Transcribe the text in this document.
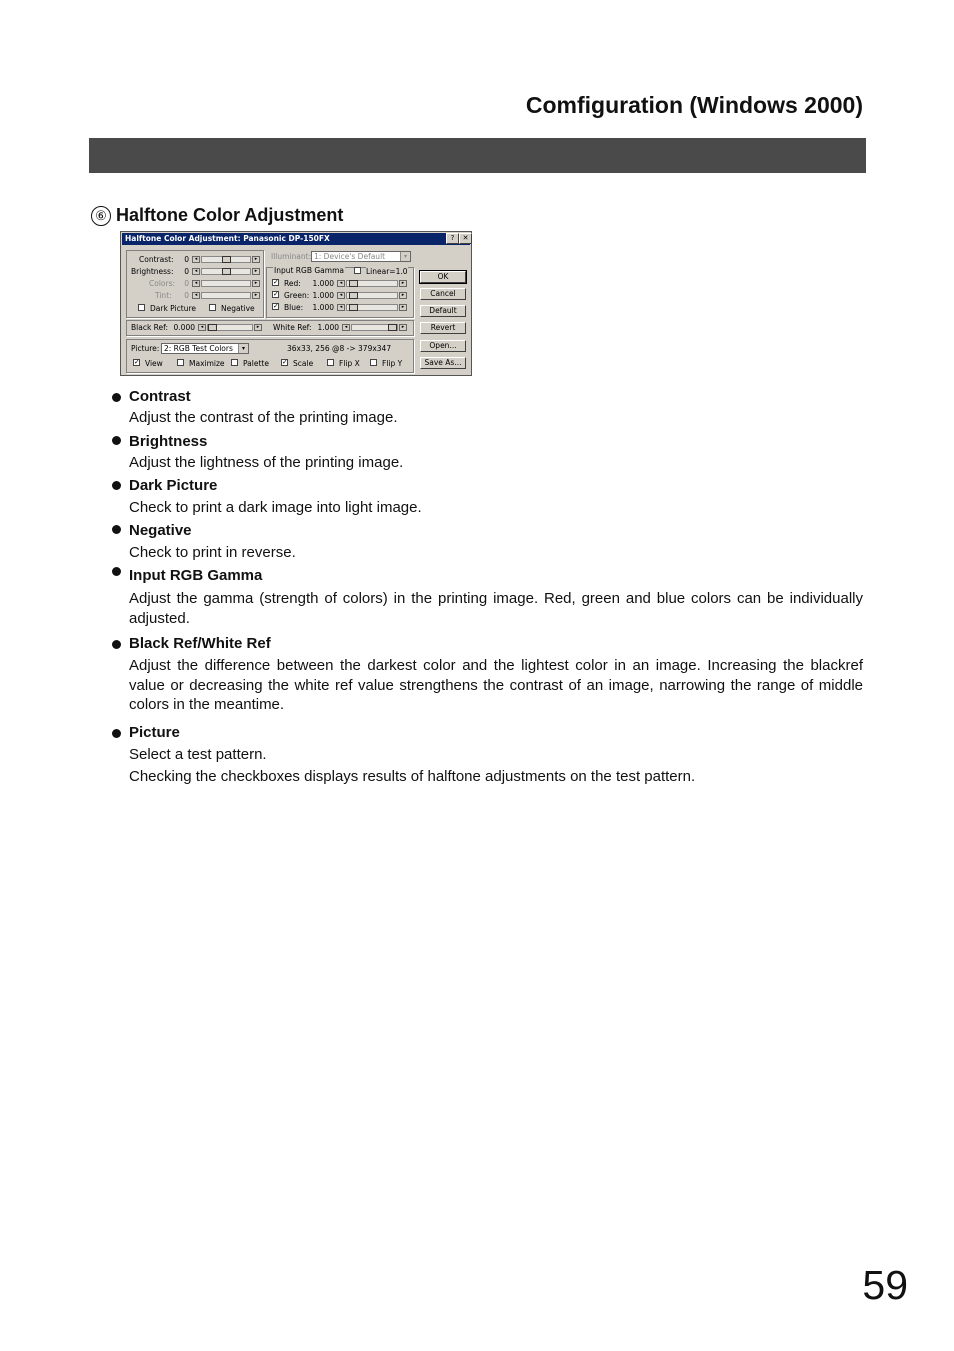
Comfiguration (Windows 2000)
⑥ Halftone Color Adjustment
Halftone Color Adjustment: Panasonic DP-150FX	?	✕
Contrast:	0	◂	▸
Brightness:	0	◂	▸
Colors:	0	◂	▸
Tint:	0	◂	▸
Dark Picture	Negative
Illuminant: 1: Device's Default	▾
Input RGB Gamma	Linear=1.0
✓ Red:	1.000	◂	▸
✓ Green: 1.000	◂	▸
✓ Blue:	1.000	◂	▸
Black Ref: 0.000	◂	▸	White Ref: 1.000	◂	▸
Picture: 2: RGB Test Colors	▾	36x33, 256 @8 -> 379x347
✓ View	Maximize Palette ✓ Scale	Flip X	Flip Y
OK
Cancel
Default
Revert
Open...
Save As...
Contrast
Adjust the contrast of the printing image.
Brightness
Adjust the lightness of the printing image.
Dark Picture
Check to print a dark image into light image.
Negative
Check to print in reverse.
Input RGB Gamma
Adjust the gamma (strength of colors) in the printing image. Red, green and blue colors can be individually adjusted.
Black Ref/White Ref
Adjust the difference between the darkest color and the lightest color in an image. Increasing the blackref value or decreasing the white ref value strengthens the contrast of an image, narrowing the range of middle colors in the meantime.
Picture
Select a test pattern.
Checking the checkboxes displays results of halftone adjustments on the test pattern.
59
